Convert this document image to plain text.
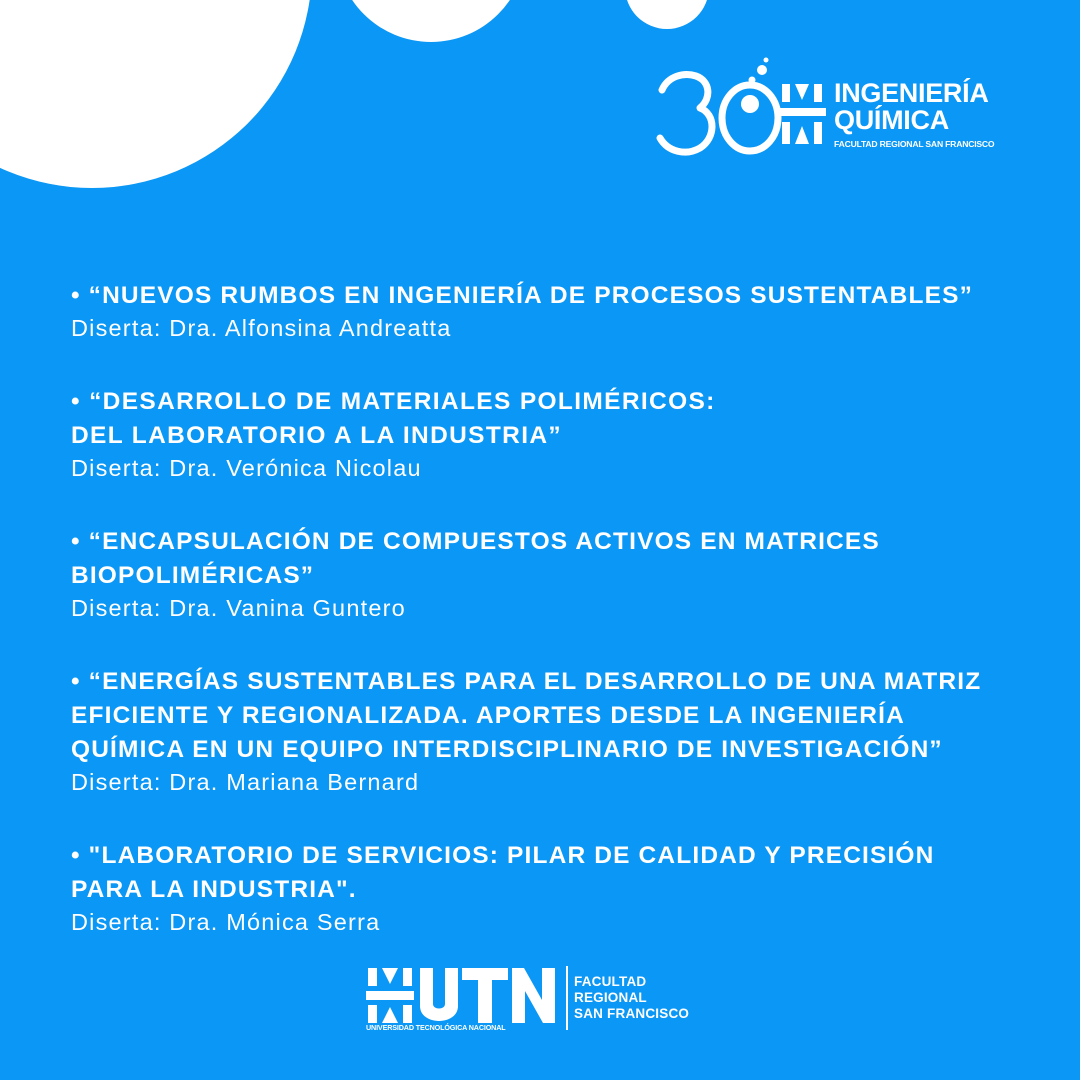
INGENIERÍA
QUÍMICA
FACULTAD REGIONAL SAN FRANCISCO
• “NUEVOS RUMBOS EN INGENIERÍA DE PROCESOS SUSTENTABLES”
Diserta: Dra. Alfonsina Andreatta
• “DESARROLLO DE MATERIALES POLIMÉRICOS:
DEL LABORATORIO A LA INDUSTRIA”
Diserta: Dra. Verónica Nicolau
• “ENCAPSULACIÓN DE COMPUESTOS ACTIVOS EN MATRICES
BIOPOLIMÉRICAS”
Diserta: Dra. Vanina Guntero
• “ENERGÍAS SUSTENTABLES PARA EL DESARROLLO DE UNA MATRIZ
EFICIENTE Y REGIONALIZADA. APORTES DESDE LA INGENIERÍA
QUÍMICA EN UN EQUIPO INTERDISCIPLINARIO DE INVESTIGACIÓN”
Diserta: Dra. Mariana Bernard
• "LABORATORIO DE SERVICIOS: PILAR DE CALIDAD Y PRECISIÓN
PARA LA INDUSTRIA".
Diserta: Dra. Mónica Serra
UNIVERSIDAD TECNOLÓGICA NACIONAL
FACULTAD
REGIONAL
SAN FRANCISCO
